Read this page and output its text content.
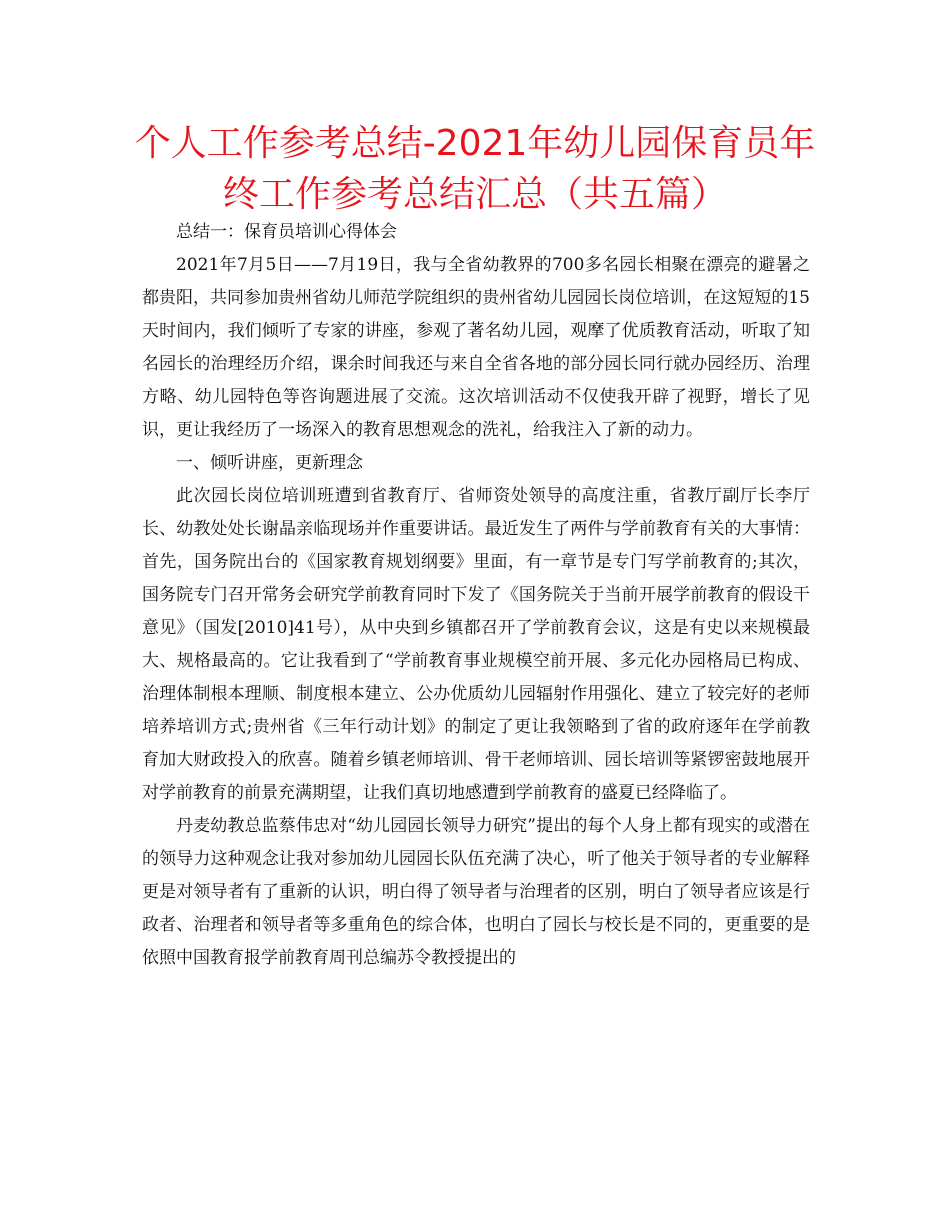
个人工作参考总结-2021年幼儿园保育员年终工作参考总结汇总（共五篇）

总结一：保育员培训心得体会

2021年7月5日——7月19日，我与全省幼教界的700多名园长相聚在漂亮的避暑之都贵阳，共同参加贵州省幼儿师范学院组织的贵州省幼儿园园长岗位培训，在这短短的15天时间内，我们倾听了专家的讲座，参观了著名幼儿园，观摩了优质教育活动，听取了知名园长的治理经历介绍，课余时间我还与来自全省各地的部分园长同行就办园经历、治理方略、幼儿园特色等咨询题进展了交流。这次培训活动不仅使我开辟了视野，增长了见识，更让我经历了一场深入的教育思想观念的洗礼，给我注入了新的动力。

一、倾听讲座，更新理念

此次园长岗位培训班遭到省教育厅、省师资处领导的高度注重，省教厅副厅长李厅长、幼教处处长谢晶亲临现场并作重要讲话。最近发生了两件与学前教育有关的大事情：首先，国务院出台的《国家教育规划纲要》里面，有一章节是专门写学前教育的;其次，国务院专门召开常务会研究学前教育同时下发了《国务院关于当前开展学前教育的假设干意见》（国发[2010]41号），从中央到乡镇都召开了学前教育会议，这是有史以来规模最大、规格最高的。它让我看到了“学前教育事业规模空前开展、多元化办园格局已构成、治理体制根本理顺、制度根本建立、公办优质幼儿园辐射作用强化、建立了较完好的老师培养培训方式;贵州省《三年行动计划》的制定了更让我领略到了省的政府逐年在学前教育加大财政投入的欣喜。随着乡镇老师培训、骨干老师培训、园长培训等紧锣密鼓地展开对学前教育的前景充满期望，让我们真切地感遭到学前教育的盛夏已经降临了。

丹麦幼教总监蔡伟忠对“幼儿园园长领导力研究”提出的每个人身上都有现实的或潜在的领导力这种观念让我对参加幼儿园园长队伍充满了决心，听了他关于领导者的专业解释更是对领导者有了重新的认识，明白得了领导者与治理者的区别，明白了领导者应该是行政者、治理者和领导者等多重角色的综合体，也明白了园长与校长是不同的，更重要的是依照中国教育报学前教育周刊总编苏令教授提出的
